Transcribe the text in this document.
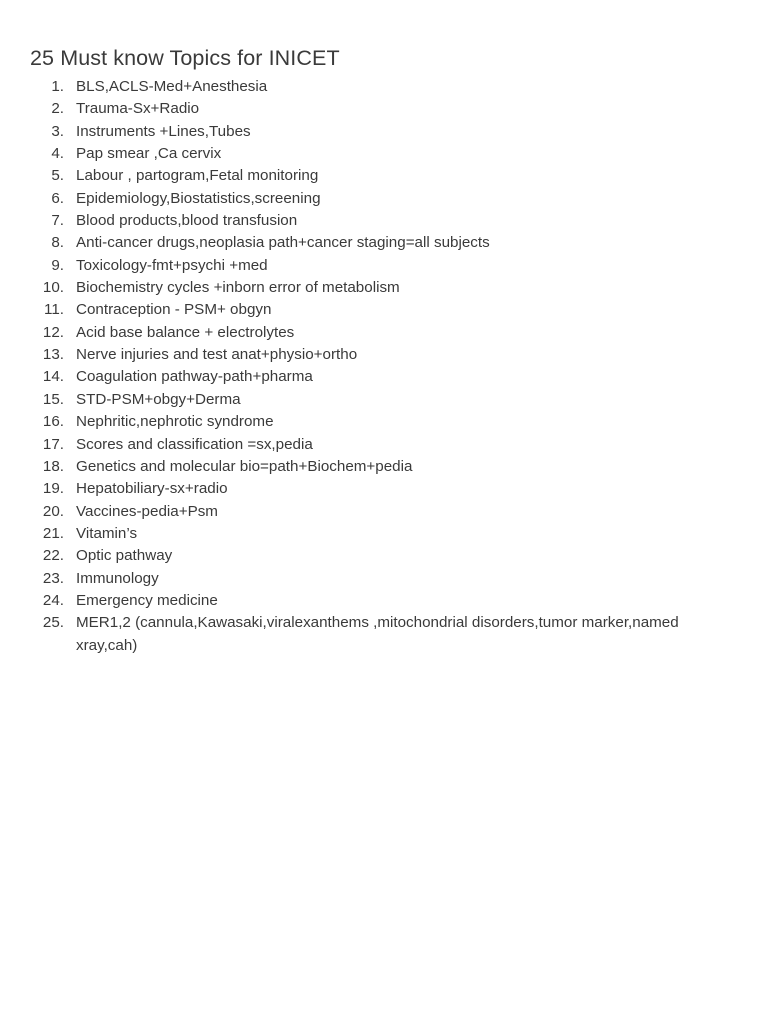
25 Must know Topics for INICET
1. BLS,ACLS-Med+Anesthesia
2. Trauma-Sx+Radio
3. Instruments +Lines,Tubes
4. Pap smear ,Ca cervix
5. Labour , partogram,Fetal monitoring
6. Epidemiology,Biostatistics,screening
7. Blood products,blood transfusion
8. Anti-cancer drugs,neoplasia path+cancer staging=all subjects
9. Toxicology-fmt+psychi +med
10. Biochemistry cycles +inborn error of metabolism
11. Contraception - PSM+ obgyn
12. Acid base balance + electrolytes
13. Nerve injuries and test anat+physio+ortho
14. Coagulation pathway-path+pharma
15. STD-PSM+obgy+Derma
16. Nephritic,nephrotic syndrome
17. Scores and classification =sx,pedia
18. Genetics and molecular bio=path+Biochem+pedia
19. Hepatobiliary-sx+radio
20. Vaccines-pedia+Psm
21. Vitamin’s
22. Optic pathway
23. Immunology
24. Emergency medicine
25. MER1,2 (cannula,Kawasaki,viralexanthems ,mitochondrial disorders,tumor marker,named xray,cah)
